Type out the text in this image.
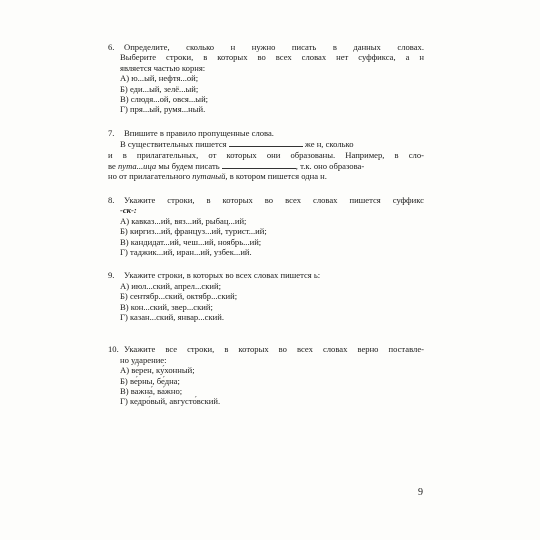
6. Определите, сколько н нужно писать в данных словах.
Выберите строки, в которых во всех словах нет суффикса, а н
является частью корня:
А) ю...ый, нефтя...ой;
Б) еди...ый, зелё...ый;
В) слюдя...ой, овся...ый;
Г) пря...ый, румя...ный.
7. Впишите в правило пропущенные слова.
В существительных пишется	же н, сколько
и в прилагательных, от которых они образованы. Например, в сло-
ве пута...ица мы будем писать	, т.к. оно образова-
но от прилагательного путаный, в котором пишется одна н.
8. Укажите строки, в которых во всех словах пишется суффикс
-ск-:
А) кавказ...ий, вяз...ий, рыбац...ий;
Б) киргиз...ий, француз...ий, турист...ий;
В) кандидат...ий, чеш...ий, ноябрь...ий;
Г) таджик...ий, иран...ий, узбек...ий.
9. Укажите строки, в которых во всех словах пишется ь:
А) июл...ский, апрел...ский;
Б) сентябр...ский, октябр...ский;
В) кон...ский, звер...ский;
Г) казан...ский, январ...ский.
10. Укажите все строки, в которых во всех словах верно поставле-
но ударение:
А) ве́рен, ку́хонный;
Б) ве́рны, бе́дна;
В) важна́, ва́жно;
Г) кедро́вый, августо́вский.
9
